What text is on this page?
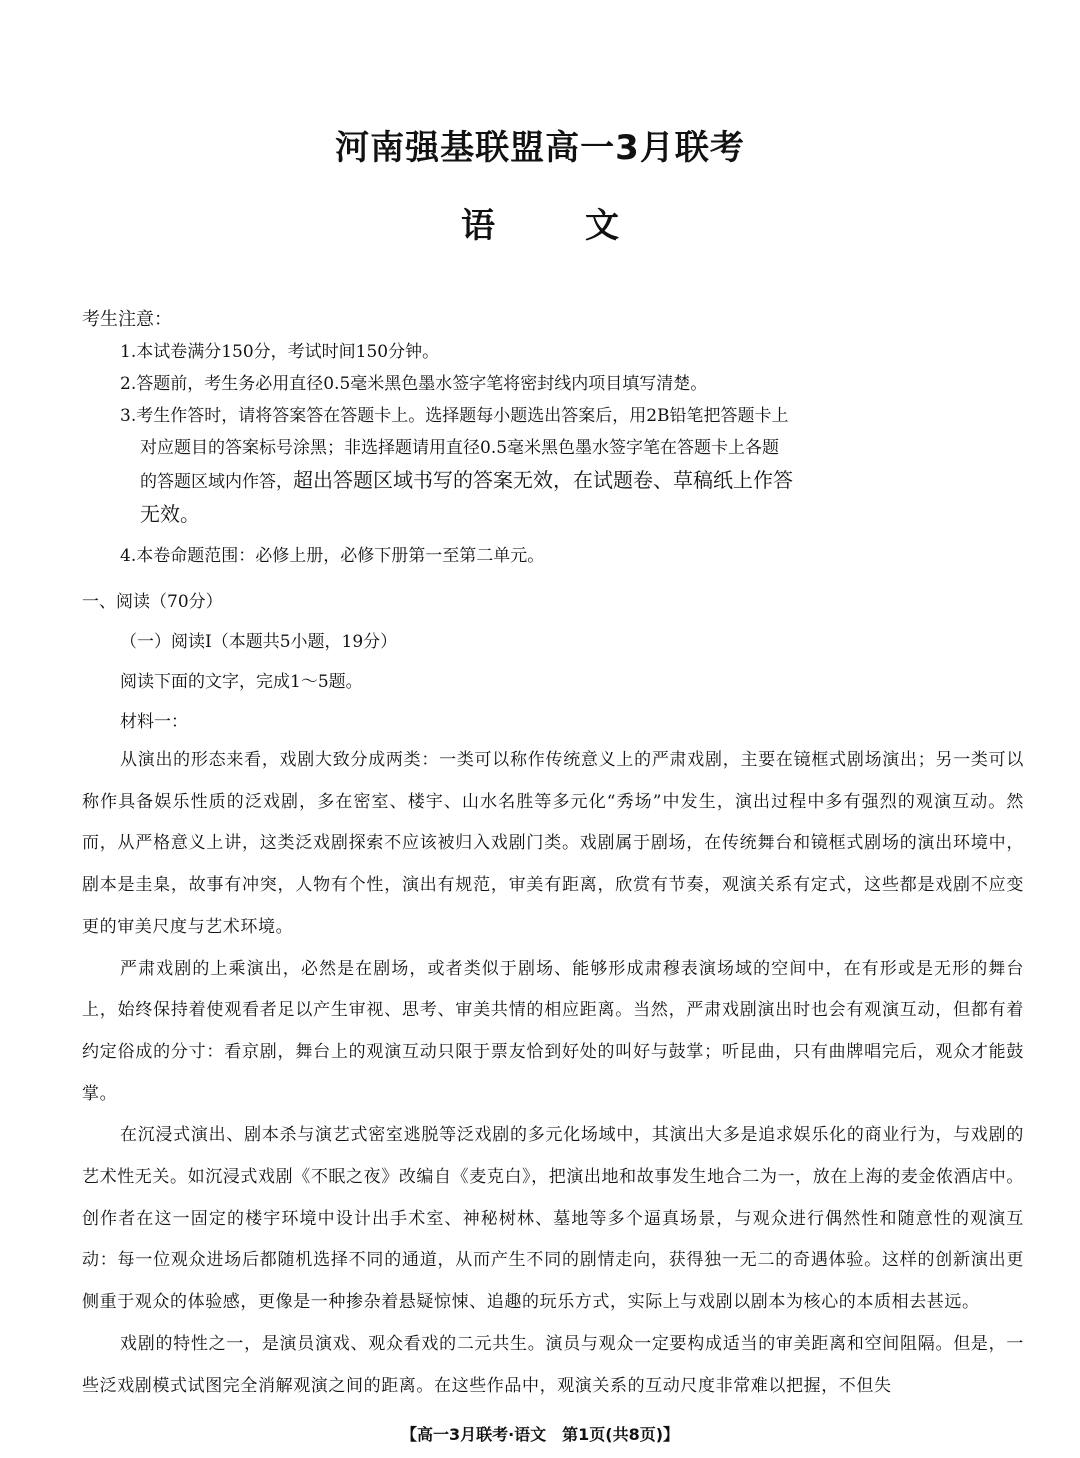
河南强基联盟高一3月联考
语	文
考生注意：
1.本试卷满分150分，考试时间150分钟。
2.答题前，考生务必用直径0.5毫米黑色墨水签字笔将密封线内项目填写清楚。
3.考生作答时，请将答案答在答题卡上。选择题每小题选出答案后，用2B铅笔把答题卡上
对应题目的答案标号涂黑；非选择题请用直径0.5毫米黑色墨水签字笔在答题卡上各题
的答题区域内作答，超出答题区域书写的答案无效，在试题卷、草稿纸上作答
无效。
4.本卷命题范围：必修上册，必修下册第一至第二单元。
一、阅读（70分）
（一）阅读Ⅰ（本题共5小题，19分）
阅读下面的文字，完成1～5题。
材料一：

从演出的形态来看，戏剧大致分成两类：一类可以称作传统意义上的严肃戏剧，主要在镜框式剧场演出；另一类可以称作具备娱乐性质的泛戏剧，多在密室、楼宇、山水名胜等多元化“秀场”中发生，演出过程中多有强烈的观演互动。然而，从严格意义上讲，这类泛戏剧探索不应该被归入戏剧门类。戏剧属于剧场，在传统舞台和镜框式剧场的演出环境中，剧本是圭臬，故事有冲突，人物有个性，演出有规范，审美有距离，欣赏有节奏，观演关系有定式，这些都是戏剧不应变更的审美尺度与艺术环境。

严肃戏剧的上乘演出，必然是在剧场，或者类似于剧场、能够形成肃穆表演场域的空间中，在有形或是无形的舞台上，始终保持着使观看者足以产生审视、思考、审美共情的相应距离。当然，严肃戏剧演出时也会有观演互动，但都有着约定俗成的分寸：看京剧，舞台上的观演互动只限于票友恰到好处的叫好与鼓掌；听昆曲，只有曲牌唱完后，观众才能鼓掌。

在沉浸式演出、剧本杀与演艺式密室逃脱等泛戏剧的多元化场域中，其演出大多是追求娱乐化的商业行为，与戏剧的艺术性无关。如沉浸式戏剧《不眠之夜》改编自《麦克白》，把演出地和故事发生地合二为一，放在上海的麦金侬酒店中。创作者在这一固定的楼宇环境中设计出手术室、神秘树林、墓地等多个逼真场景，与观众进行偶然性和随意性的观演互动：每一位观众进场后都随机选择不同的通道，从而产生不同的剧情走向，获得独一无二的奇遇体验。这样的创新演出更侧重于观众的体验感，更像是一种掺杂着悬疑惊悚、追趣的玩乐方式，实际上与戏剧以剧本为核心的本质相去甚远。

戏剧的特性之一，是演员演戏、观众看戏的二元共生。演员与观众一定要构成适当的审美距离和空间阻隔。但是，一些泛戏剧模式试图完全消解观演之间的距离。在这些作品中，观演关系的互动尺度非常难以把握，不但失

【高一3月联考·语文　第1页(共8页)】
